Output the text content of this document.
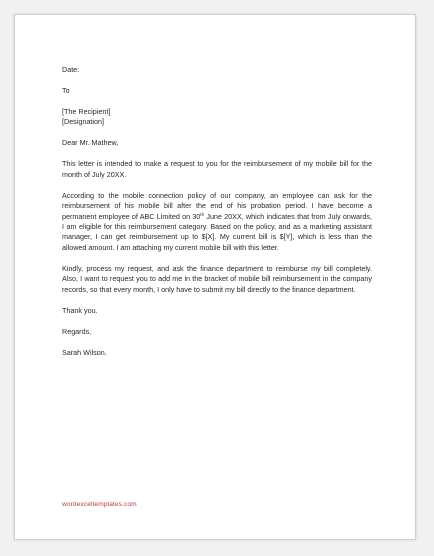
Date:

To

[The Recipient]

[Designation]

Dear Mr. Mathew,

This letter is intended to make a request to you for the reimbursement of my mobile bill for the month of July 20XX.

According to the mobile connection policy of our company, an employee can ask for the reimbursement of his mobile bill after the end of his probation period. I have become a permanent employee of ABC Limited on 30th June 20XX, which indicates that from July onwards, I am eligible for this reimbursement category. Based on the policy, and as a marketing assistant manager, I can get reimbursement up to $[X]. My current bill is $[Y], which is less than the allowed amount. I am attaching my current mobile bill with this letter.

Kindly, process my request, and ask the finance department to reimburse my bill completely. Also, I want to request you to add me in the bracket of mobile bill reimbursement in the company records, so that every month, I only have to submit my bill directly to the finance department.

Thank you.

Regards,

Sarah Wilson.

wordexceltemplates.com
